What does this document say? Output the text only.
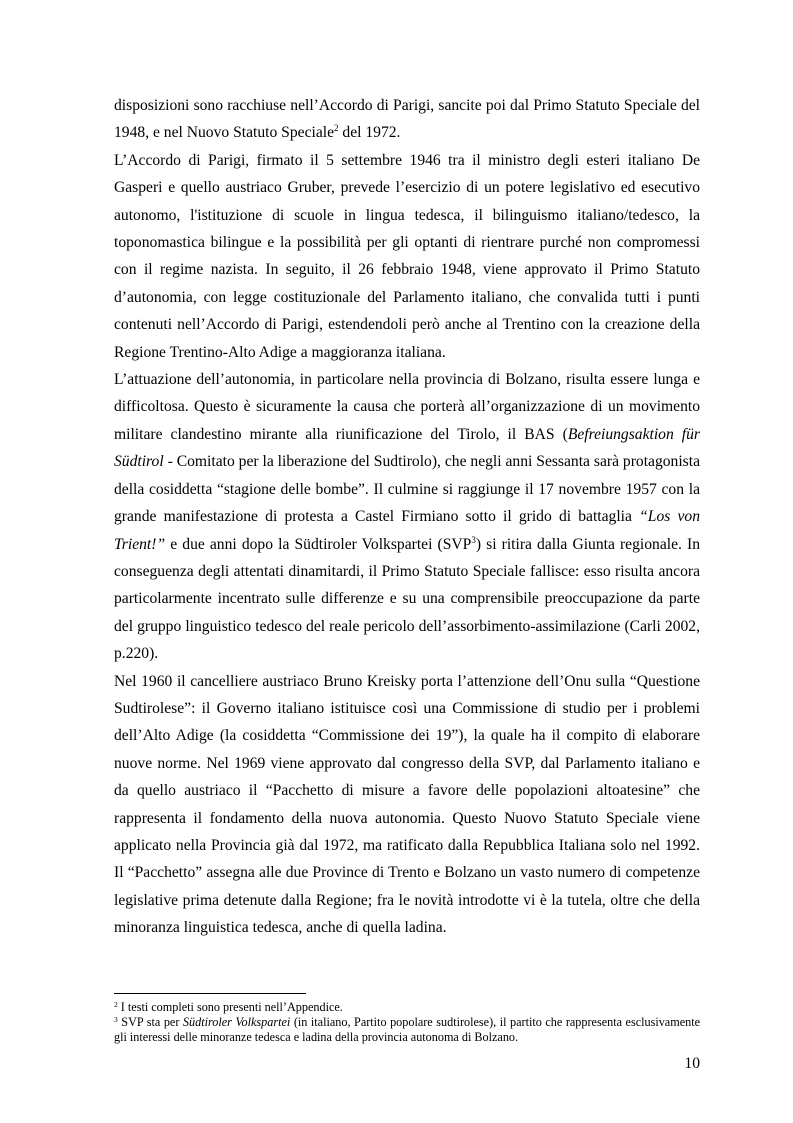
disposizioni sono racchiuse nell’Accordo di Parigi, sancite poi dal Primo Statuto Speciale del 1948, e nel Nuovo Statuto Speciale$^2$ del 1972.

L’Accordo di Parigi, firmato il 5 settembre 1946 tra il ministro degli esteri italiano De Gasperi e quello austriaco Gruber, prevede l’esercizio di un potere legislativo ed esecutivo autonomo, l'istituzione di scuole in lingua tedesca, il bilinguismo italiano/tedesco, la toponomastica bilingue e la possibilità per gli optanti di rientrare purché non compromessi con il regime nazista. In seguito, il 26 febbraio 1948, viene approvato il Primo Statuto d’autonomia, con legge costituzionale del Parlamento italiano, che convalida tutti i punti contenuti nell’Accordo di Parigi, estendendoli però anche al Trentino con la creazione della Regione Trentino-Alto Adige a maggioranza italiana.

L’attuazione dell’autonomia, in particolare nella provincia di Bolzano, risulta essere lunga e difficoltosa. Questo è sicuramente la causa che porterà all’organizzazione di un movimento militare clandestino mirante alla riunificazione del Tirolo, il BAS (Befreiungsaktion für Südtirol - Comitato per la liberazione del Sudtirolo), che negli anni Sessanta sarà protagonista della cosiddetta “stagione delle bombe”. Il culmine si raggiunge il 17 novembre 1957 con la grande manifestazione di protesta a Castel Firmiano sotto il grido di battaglia “Los von Trient!” e due anni dopo la Südtiroler Volkspartei (SVP$^3$) si ritira dalla Giunta regionale. In conseguenza degli attentati dinamitardi, il Primo Statuto Speciale fallisce: esso risulta ancora particolarmente incentrato sulle differenze e su una comprensibile preoccupazione da parte del gruppo linguistico tedesco del reale pericolo dell’assorbimento-assimilazione (Carli 2002, p.220).

Nel 1960 il cancelliere austriaco Bruno Kreisky porta l’attenzione dell’Onu sulla “Questione Sudtirolese”: il Governo italiano istituisce così una Commissione di studio per i problemi dell’Alto Adige (la cosiddetta “Commissione dei 19”), la quale ha il compito di elaborare nuove norme. Nel 1969 viene approvato dal congresso della SVP, dal Parlamento italiano e da quello austriaco il “Pacchetto di misure a favore delle popolazioni altoatesine” che rappresenta il fondamento della nuova autonomia. Questo Nuovo Statuto Speciale viene applicato nella Provincia già dal 1972, ma ratificato dalla Repubblica Italiana solo nel 1992. Il “Pacchetto” assegna alle due Province di Trento e Bolzano un vasto numero di competenze legislative prima detenute dalla Regione; fra le novità introdotte vi è la tutela, oltre che della minoranza linguistica tedesca, anche di quella ladina.

$^2$ I testi completi sono presenti nell’Appendice.

$^3$ SVP sta per Südtiroler Volkspartei (in italiano, Partito popolare sudtirolese), il partito che rappresenta esclusivamente gli interessi delle minoranze tedesca e ladina della provincia autonoma di Bolzano.

10
